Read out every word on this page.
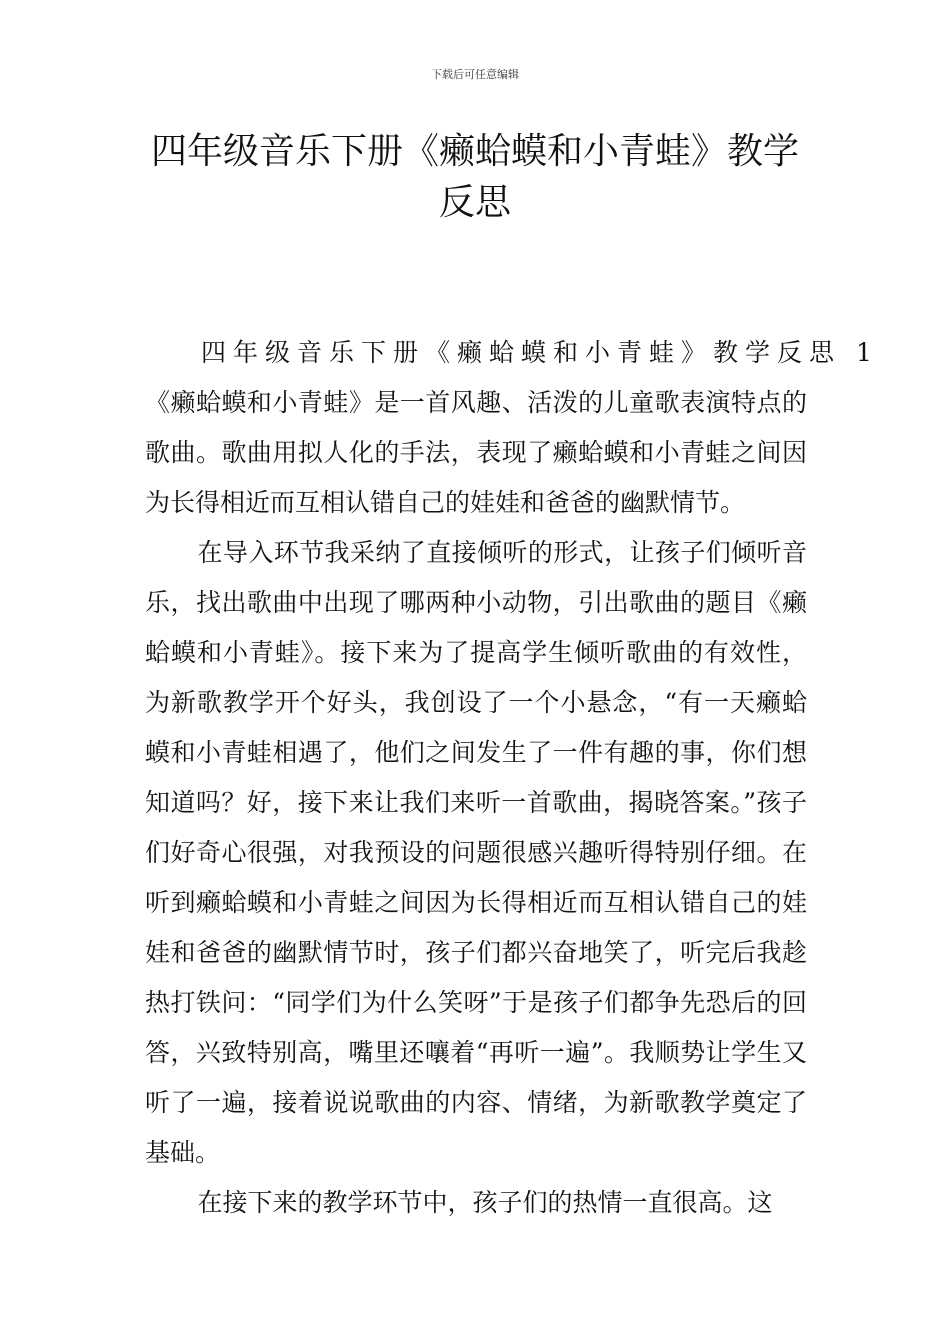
下载后可任意编辑
四年级音乐下册《癞蛤蟆和小青蛙》教学反思

四年级音乐下册《癞蛤蟆和小青蛙》教学反思 1

《癞蛤蟆和小青蛙》是一首风趣、活泼的儿童歌表演特点的歌曲。歌曲用拟人化的手法，表现了癞蛤蟆和小青蛙之间因为长得相近而互相认错自己的娃娃和爸爸的幽默情节。

在导入环节我采纳了直接倾听的形式，让孩子们倾听音乐，找出歌曲中出现了哪两种小动物，引出歌曲的题目《癞蛤蟆和小青蛙》。接下来为了提高学生倾听歌曲的有效性，为新歌教学开个好头，我创设了一个小悬念，“有一天癞蛤蟆和小青蛙相遇了，他们之间发生了一件有趣的事，你们想知道吗？好，接下来让我们来听一首歌曲，揭晓答案。”孩子们好奇心很强，对我预设的问题很感兴趣听得特别仔细。在听到癞蛤蟆和小青蛙之间因为长得相近而互相认错自己的娃娃和爸爸的幽默情节时，孩子们都兴奋地笑了，听完后我趁热打铁问：“同学们为什么笑呀”于是孩子们都争先恐后的回答，兴致特别高，嘴里还嚷着“再听一遍”。我顺势让学生又听了一遍，接着说说歌曲的内容、情绪，为新歌教学奠定了基础。

在接下来的教学环节中，孩子们的热情一直很高。这
